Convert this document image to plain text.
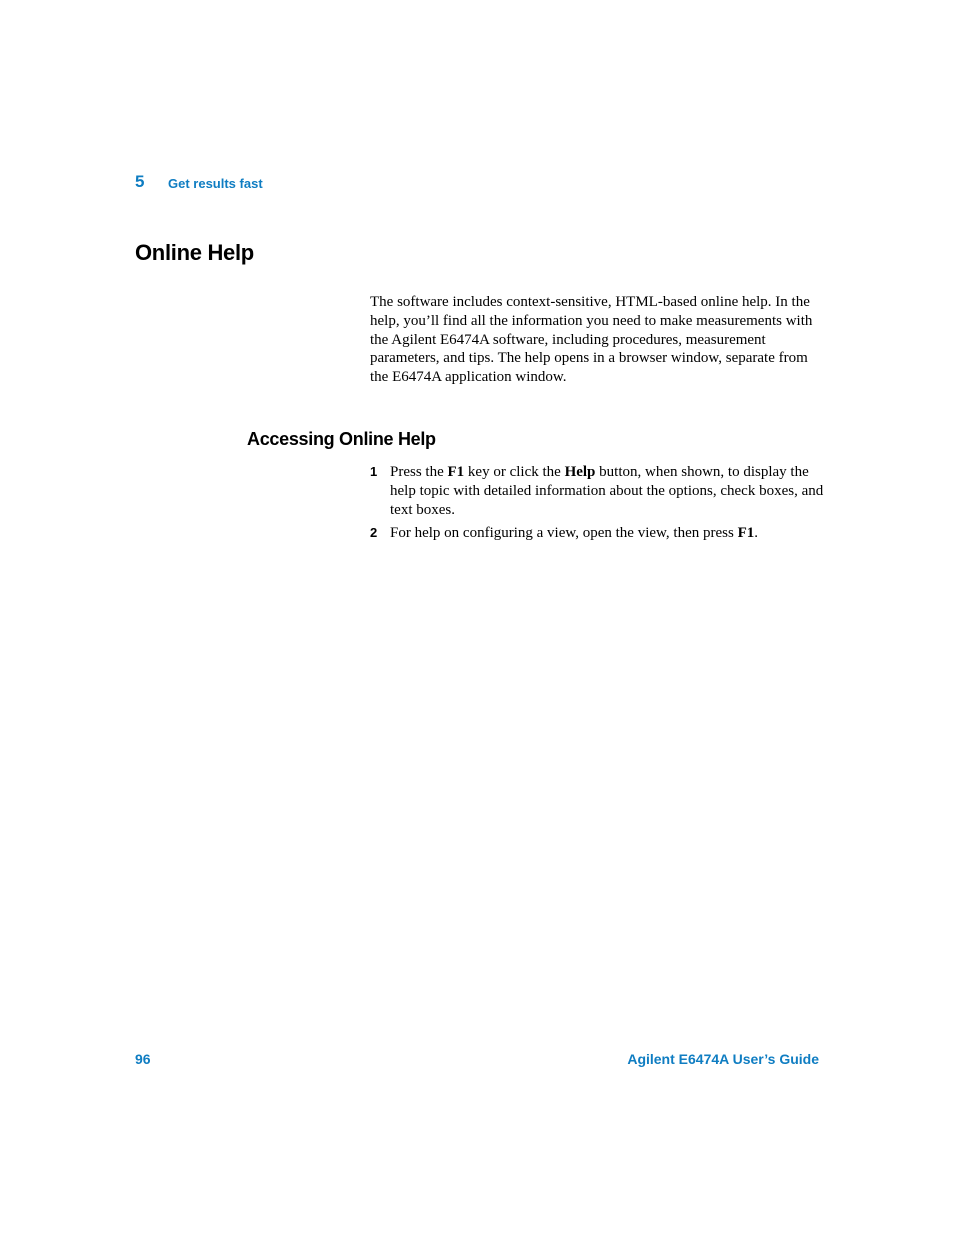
5 Get results fast
Online Help

The software includes context-sensitive, HTML-based online help. In the help, you’ll find all the information you need to make measurements with the Agilent E6474A software, including procedures, measurement parameters, and tips. The help opens in a browser window, separate from the E6474A application window.

Accessing Online Help
1 Press the F1 key or click the Help button, when shown, to display the help topic with detailed information about the options, check boxes, and text boxes.
2 For help on configuring a view, open the view, then press F1.
96	Agilent E6474A User’s Guide
